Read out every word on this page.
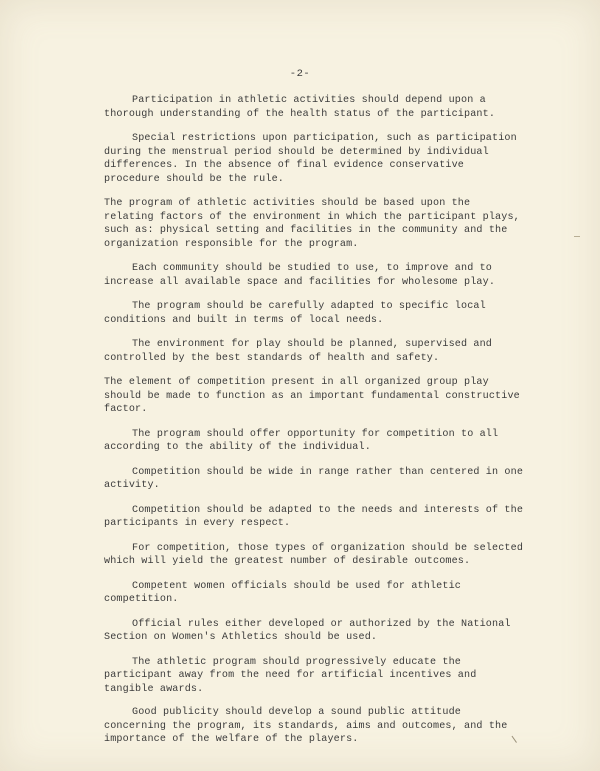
-2-

Participation in athletic activities should depend upon a thorough understanding of the health status of the participant.

Special restrictions upon participation, such as participation during the menstrual period should be determined by individual differences. In the absence of final evidence conservative procedure should be the rule.

The program of athletic activities should be based upon the relating factors of the environment in which the participant plays, such as: physical setting and facilities in the community and the organization responsible for the program.

Each community should be studied to use, to improve and to increase all available space and facilities for wholesome play.

The program should be carefully adapted to specific local conditions and built in terms of local needs.

The environment for play should be planned, supervised and controlled by the best standards of health and safety.

The element of competition present in all organized group play should be made to function as an important fundamental constructive factor.

The program should offer opportunity for competition to all according to the ability of the individual.

Competition should be wide in range rather than centered in one activity.

Competition should be adapted to the needs and interests of the participants in every respect.

For competition, those types of organization should be selected which will yield the greatest number of desirable outcomes.

Competent women officials should be used for athletic competition.

Official rules either developed or authorized by the National Section on Women's Athletics should be used.

The athletic program should progressively educate the participant away from the need for artificial incentives and tangible awards.

Good publicity should develop a sound public attitude concerning the program, its standards, aims and outcomes, and the importance of the welfare of the players.
